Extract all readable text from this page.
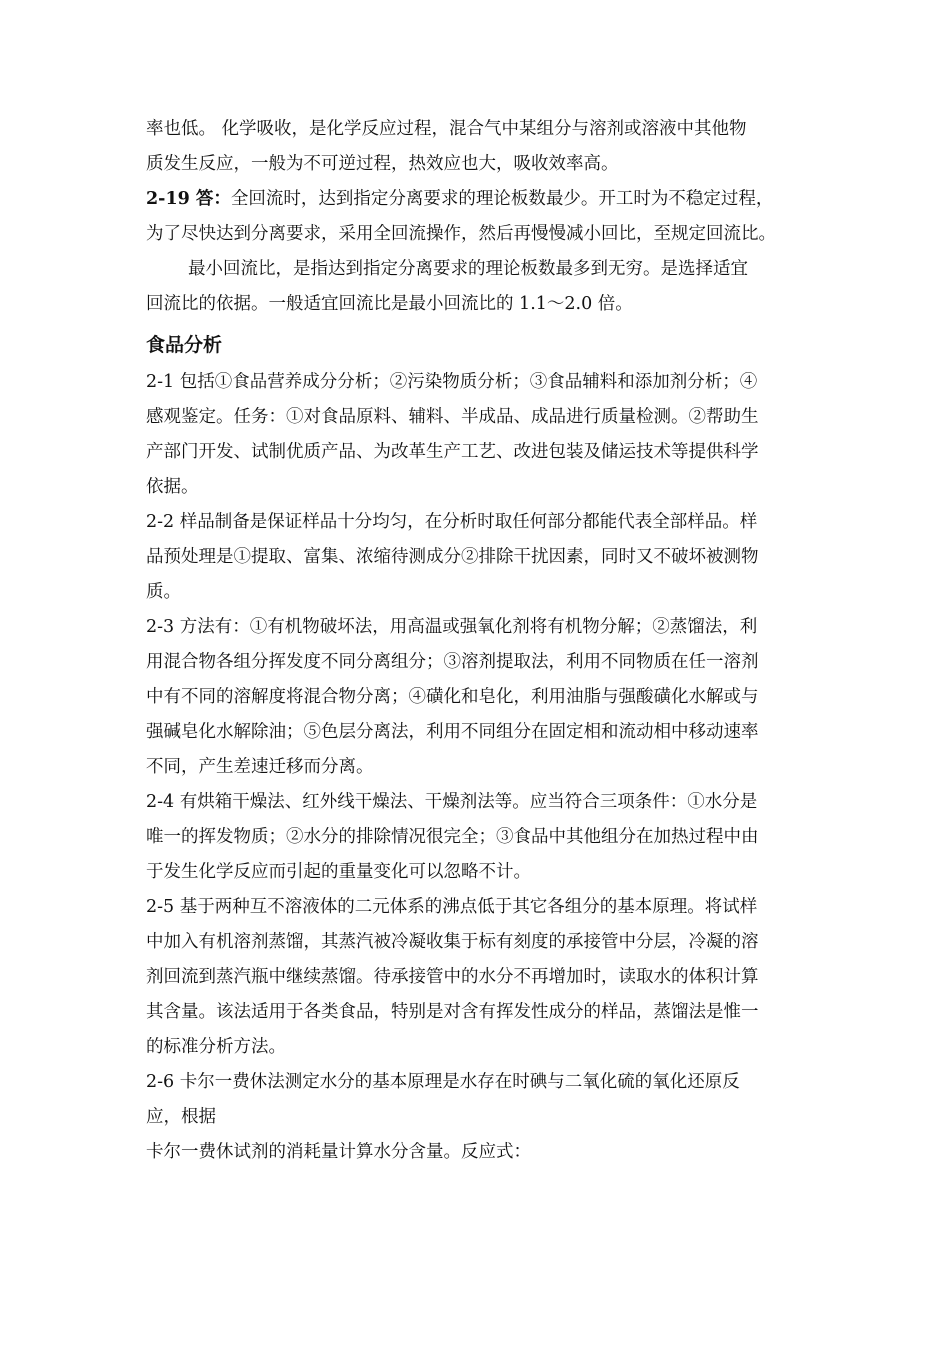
率也低。 化学吸收，是化学反应过程，混合气中某组分与溶剂或溶液中其他物
质发生反应，一般为不可逆过程，热效应也大，吸收效率高。

2-19 答：全回流时，达到指定分离要求的理论板数最少。开工时为不稳定过程，
为了尽快达到分离要求，采用全回流操作，然后再慢慢减小回比，至规定回流比。

最小回流比，是指达到指定分离要求的理论板数最多到无穷。是选择适宜
回流比的依据。一般适宜回流比是最小回流比的 1.1～2.0 倍。

食品分析

2-1 包括①食品营养成分分析；②污染物质分析；③食品辅料和添加剂分析；④
感观鉴定。任务：①对食品原料、辅料、半成品、成品进行质量检测。②帮助生
产部门开发、试制优质产品、为改革生产工艺、改进包装及储运技术等提供科学
依据。

2-2 样品制备是保证样品十分均匀，在分析时取任何部分都能代表全部样品。样
品预处理是①提取、富集、浓缩待测成分②排除干扰因素，同时又不破坏被测物
质。

2-3 方法有：①有机物破坏法，用高温或强氧化剂将有机物分解；②蒸馏法，利
用混合物各组分挥发度不同分离组分；③溶剂提取法，利用不同物质在任一溶剂
中有不同的溶解度将混合物分离；④磺化和皂化，利用油脂与强酸磺化水解或与
强碱皂化水解除油；⑤色层分离法，利用不同组分在固定相和流动相中移动速率
不同，产生差速迁移而分离。

2-4 有烘箱干燥法、红外线干燥法、干燥剂法等。应当符合三项条件：①水分是
唯一的挥发物质；②水分的排除情况很完全；③食品中其他组分在加热过程中由
于发生化学反应而引起的重量变化可以忽略不计。

2-5 基于两种互不溶液体的二元体系的沸点低于其它各组分的基本原理。将试样
中加入有机溶剂蒸馏，其蒸汽被冷凝收集于标有刻度的承接管中分层，冷凝的溶
剂回流到蒸汽瓶中继续蒸馏。待承接管中的水分不再增加时，读取水的体积计算
其含量。该法适用于各类食品，特别是对含有挥发性成分的样品，蒸馏法是惟一
的标准分析方法。

2-6 卡尔一费休法测定水分的基本原理是水存在时碘与二氧化硫的氧化还原反
应，根据
卡尔一费休试剂的消耗量计算水分含量。反应式：
